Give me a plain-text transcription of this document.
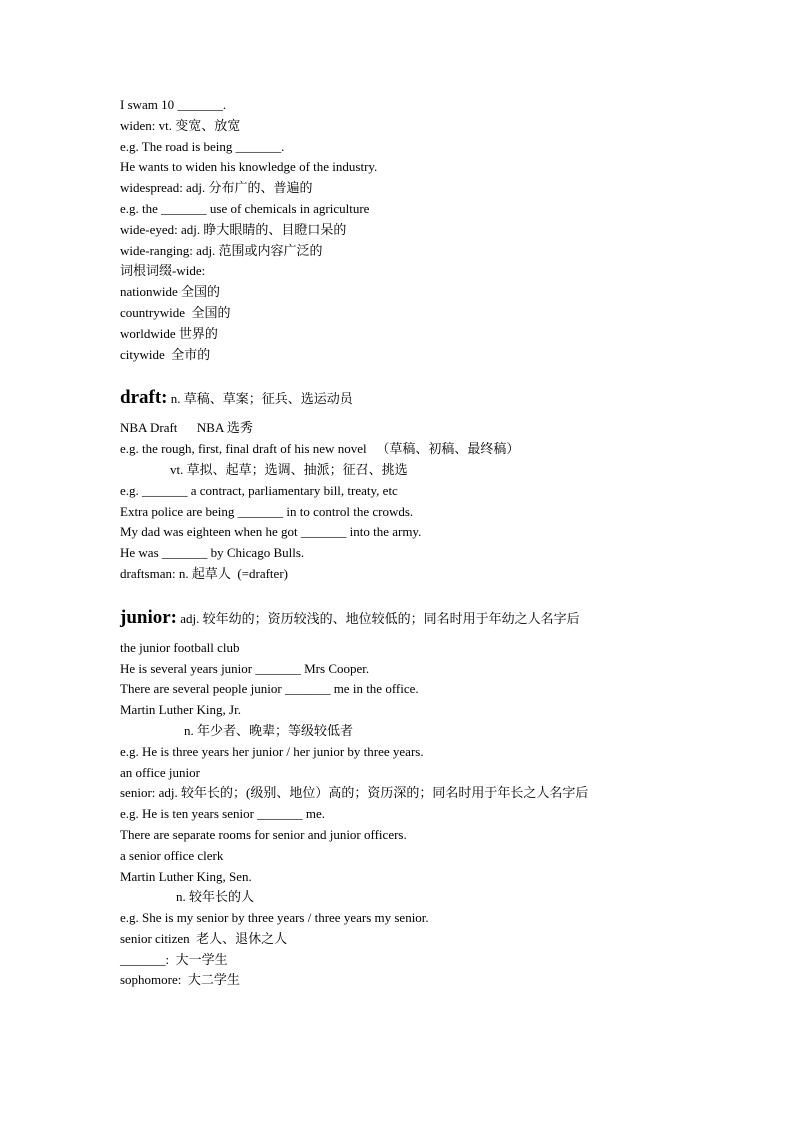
I swam 10 _______.

widen: vt. 变宽、放宽

e.g. The road is being _______.

He wants to widen his knowledge of the industry.

widespread: adj. 分布广的、普遍的

e.g. the _______ use of chemicals in agriculture

wide-eyed: adj. 睁大眼睛的、目瞪口呆的

wide-ranging: adj. 范围或内容广泛的

词根词缀-wide:

nationwide 全国的

countrywide  全国的

worldwide 世界的

citywide  全市的

draft: n. 草稿、草案；征兵、选运动员

NBA Draft      NBA 选秀

e.g. the rough, first, final draft of his new novel   （草稿、初稿、最终稿）

vt. 草拟、起草；选调、抽派；征召、挑选

e.g. _______ a contract, parliamentary bill, treaty, etc

Extra police are being _______ in to control the crowds.

My dad was eighteen when he got _______ into the army.

He was _______ by Chicago Bulls.

draftsman: n. 起草人  (=drafter)

junior: adj. 较年幼的；资历较浅的、地位较低的；同名时用于年幼之人名字后

the junior football club

He is several years junior _______ Mrs Cooper.

There are several people junior _______ me in the office.

Martin Luther King, Jr.

n. 年少者、晚辈；等级较低者

e.g. He is three years her junior / her junior by three years.

an office junior

senior: adj. 较年长的；(级别、地位）高的；资历深的；同名时用于年长之人名字后

e.g. He is ten years senior _______ me.

There are separate rooms for senior and junior officers.

a senior office clerk

Martin Luther King, Sen.

n. 较年长的人

e.g. She is my senior by three years / three years my senior.

senior citizen  老人、退休之人

_______:  大一学生

sophomore:  大二学生
